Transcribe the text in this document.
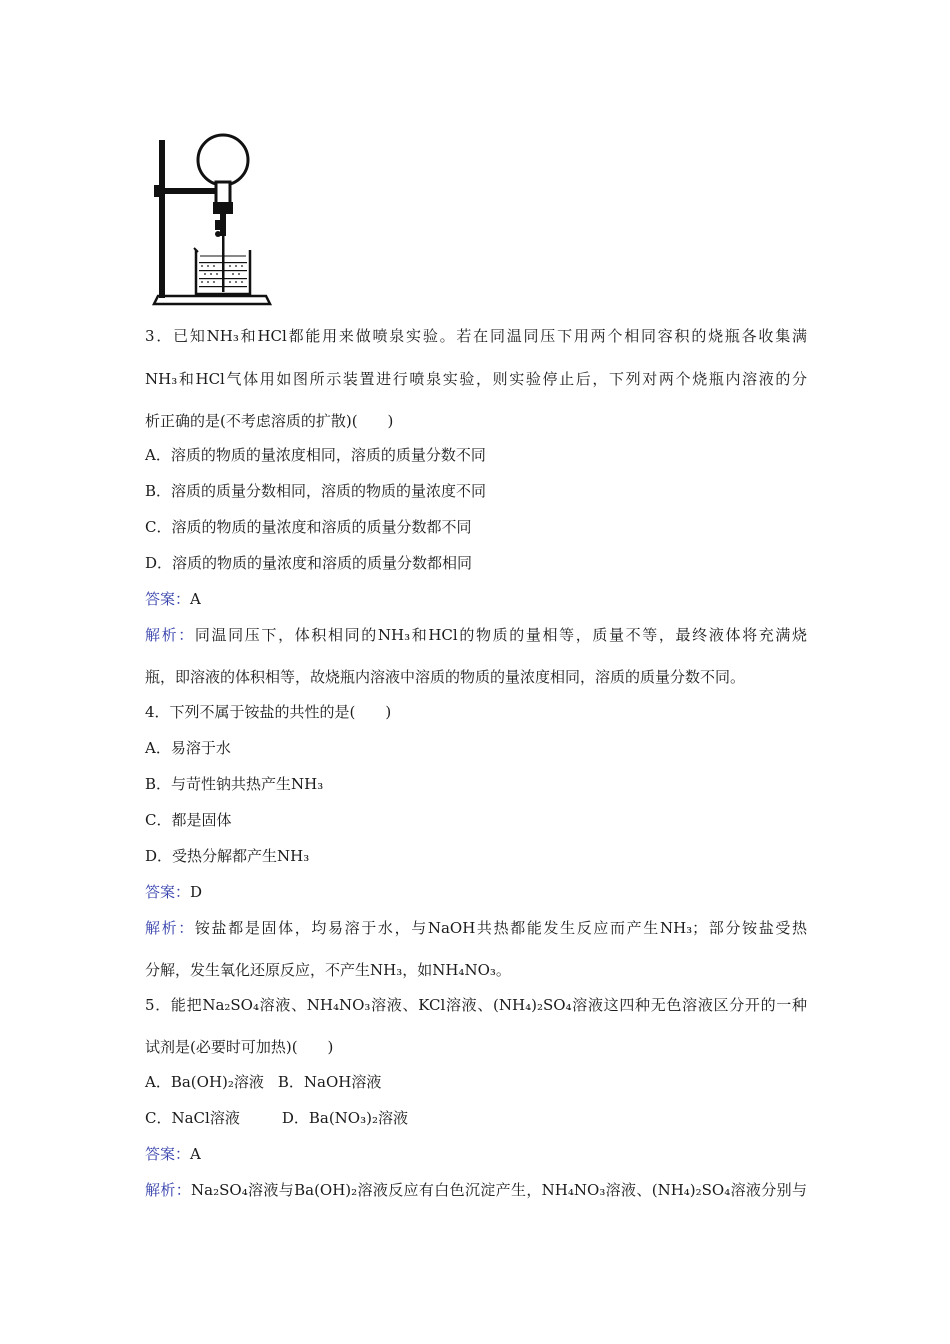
3．已知NH₃和HCl都能用来做喷泉实验。若在同温同压下用两个相同容积的烧瓶各收集满
NH₃和HCl气体用如图所示装置进行喷泉实验，则实验停止后，下列对两个烧瓶内溶液的分
析正确的是(不考虑溶质的扩散)(　　)
A．溶质的物质的量浓度相同，溶质的质量分数不同
B．溶质的质量分数相同，溶质的物质的量浓度不同
C．溶质的物质的量浓度和溶质的质量分数都不同
D．溶质的物质的量浓度和溶质的质量分数都相同
答案：A
解析：同温同压下，体积相同的NH₃和HCl的物质的量相等，质量不等，最终液体将充满烧
瓶，即溶液的体积相等，故烧瓶内溶液中溶质的物质的量浓度相同，溶质的质量分数不同。
4．下列不属于铵盐的共性的是(　　)
A．易溶于水
B．与苛性钠共热产生NH₃
C．都是固体
D．受热分解都产生NH₃
答案：D
解析：铵盐都是固体，均易溶于水，与NaOH共热都能发生反应而产生NH₃；部分铵盐受热
分解，发生氧化还原反应，不产生NH₃，如NH₄NO₃。
5．能把Na₂SO₄溶液、NH₄NO₃溶液、KCl溶液、(NH₄)₂SO₄溶液这四种无色溶液区分开的一种
试剂是(必要时可加热)(　　)
A．Ba(OH)₂溶液 B．NaOH溶液
C．NaCl溶液	D．Ba(NO₃)₂溶液
答案：A
解析：Na₂SO₄溶液与Ba(OH)₂溶液反应有白色沉淀产生，NH₄NO₃溶液、(NH₄)₂SO₄溶液分别与
